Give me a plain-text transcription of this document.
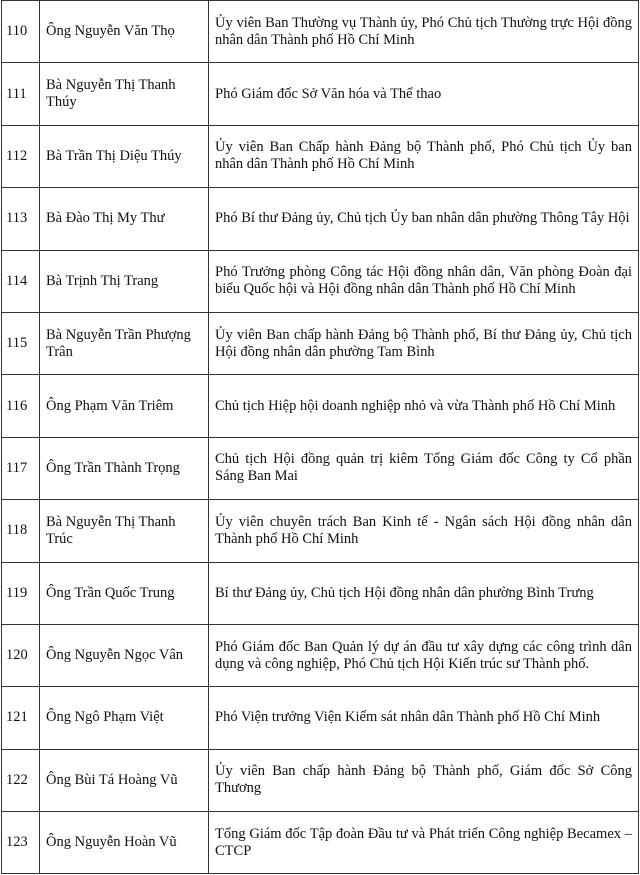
110	Ông Nguyễn Văn Thọ	Ủy viên Ban Thường vụ Thành ủy, Phó Chủ tịch Thường trực Hội đồng nhân dân Thành phố Hồ Chí Minh
111	Bà Nguyễn Thị Thanh Thúy	Phó Giám đốc Sở Văn hóa và Thể thao
112	Bà Trần Thị Diệu Thúy	Ủy viên Ban Chấp hành Đảng bộ Thành phố, Phó Chủ tịch Ủy ban nhân dân Thành phố Hồ Chí Minh
113	Bà Đào Thị My Thư	Phó Bí thư Đảng ủy, Chủ tịch Ủy ban nhân dân phường Thông Tây Hội
114	Bà Trịnh Thị Trang	Phó Trưởng phòng Công tác Hội đồng nhân dân, Văn phòng Đoàn đại biểu Quốc hội và Hội đồng nhân dân Thành phố Hồ Chí Minh
115	Bà Nguyễn Trần Phượng Trân	Ủy viên Ban chấp hành Đảng bộ Thành phố, Bí thư Đảng ủy, Chủ tịch Hội đồng nhân dân phường Tam Bình
116	Ông Phạm Văn Triêm	Chủ tịch Hiệp hội doanh nghiệp nhỏ và vừa Thành phố Hồ Chí Minh
117	Ông Trần Thành Trọng	Chủ tịch Hội đồng quản trị kiêm Tổng Giám đốc Công ty Cổ phần Sáng Ban Mai
118	Bà Nguyễn Thị Thanh Trúc	Ủy viên chuyên trách Ban Kinh tế - Ngân sách Hội đồng nhân dân Thành phố Hồ Chí Minh
119	Ông Trần Quốc Trung	Bí thư Đảng ủy, Chủ tịch Hội đồng nhân dân phường Bình Trưng
120	Ông Nguyễn Ngọc Vân	Phó Giám đốc Ban Quản lý dự án đầu tư xây dựng các công trình dân dụng và công nghiệp, Phó Chủ tịch Hội Kiến trúc sư Thành phố.
121	Ông Ngô Phạm Việt	Phó Viện trưởng Viện Kiểm sát nhân dân Thành phố Hồ Chí Minh
122	Ông Bùi Tá Hoàng Vũ	Ủy viên Ban chấp hành Đảng bộ Thành phố, Giám đốc Sở Công Thương
123	Ông Nguyễn Hoàn Vũ	Tổng Giám đốc Tập đoàn Đầu tư và Phát triển Công nghiệp Becamex – CTCP
